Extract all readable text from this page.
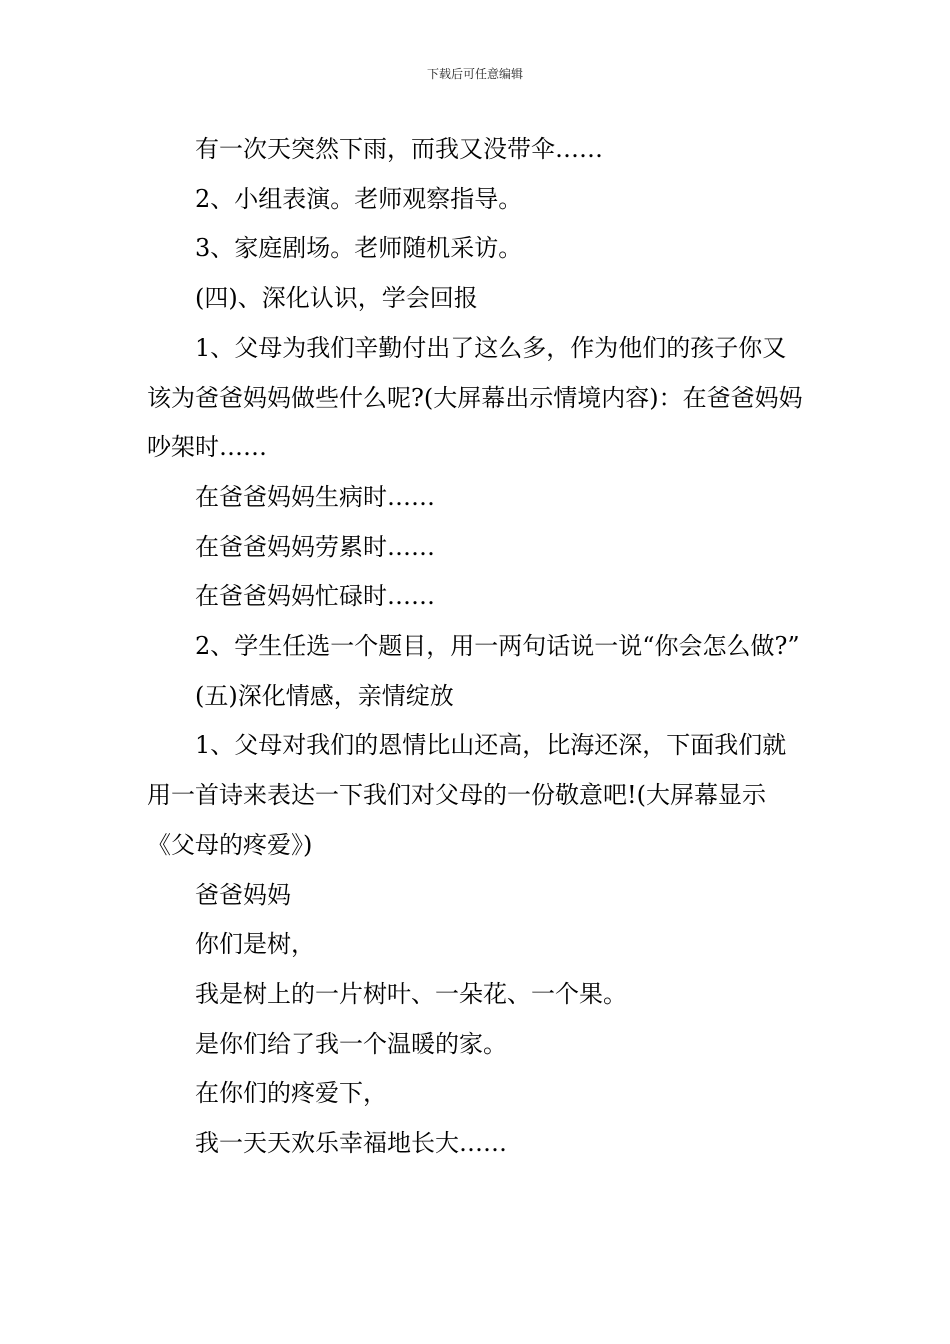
下载后可任意编辑

有一次天突然下雨，而我又没带伞……

2、小组表演。老师观察指导。

3、家庭剧场。老师随机采访。

(四)、深化认识，学会回报

1、父母为我们辛勤付出了这么多，作为他们的孩子你又该为爸爸妈妈做些什么呢?(大屏幕出示情境内容)：在爸爸妈妈吵架时……

在爸爸妈妈生病时……

在爸爸妈妈劳累时……

在爸爸妈妈忙碌时……

2、学生任选一个题目，用一两句话说一说“你会怎么做?”

(五)深化情感，亲情绽放

1、父母对我们的恩情比山还高，比海还深，下面我们就用一首诗来表达一下我们对父母的一份敬意吧!(大屏幕显示《父母的疼爱》)

爸爸妈妈

你们是树，

我是树上的一片树叶、一朵花、一个果。

是你们给了我一个温暖的家。

在你们的疼爱下，

我一天天欢乐幸福地长大……
